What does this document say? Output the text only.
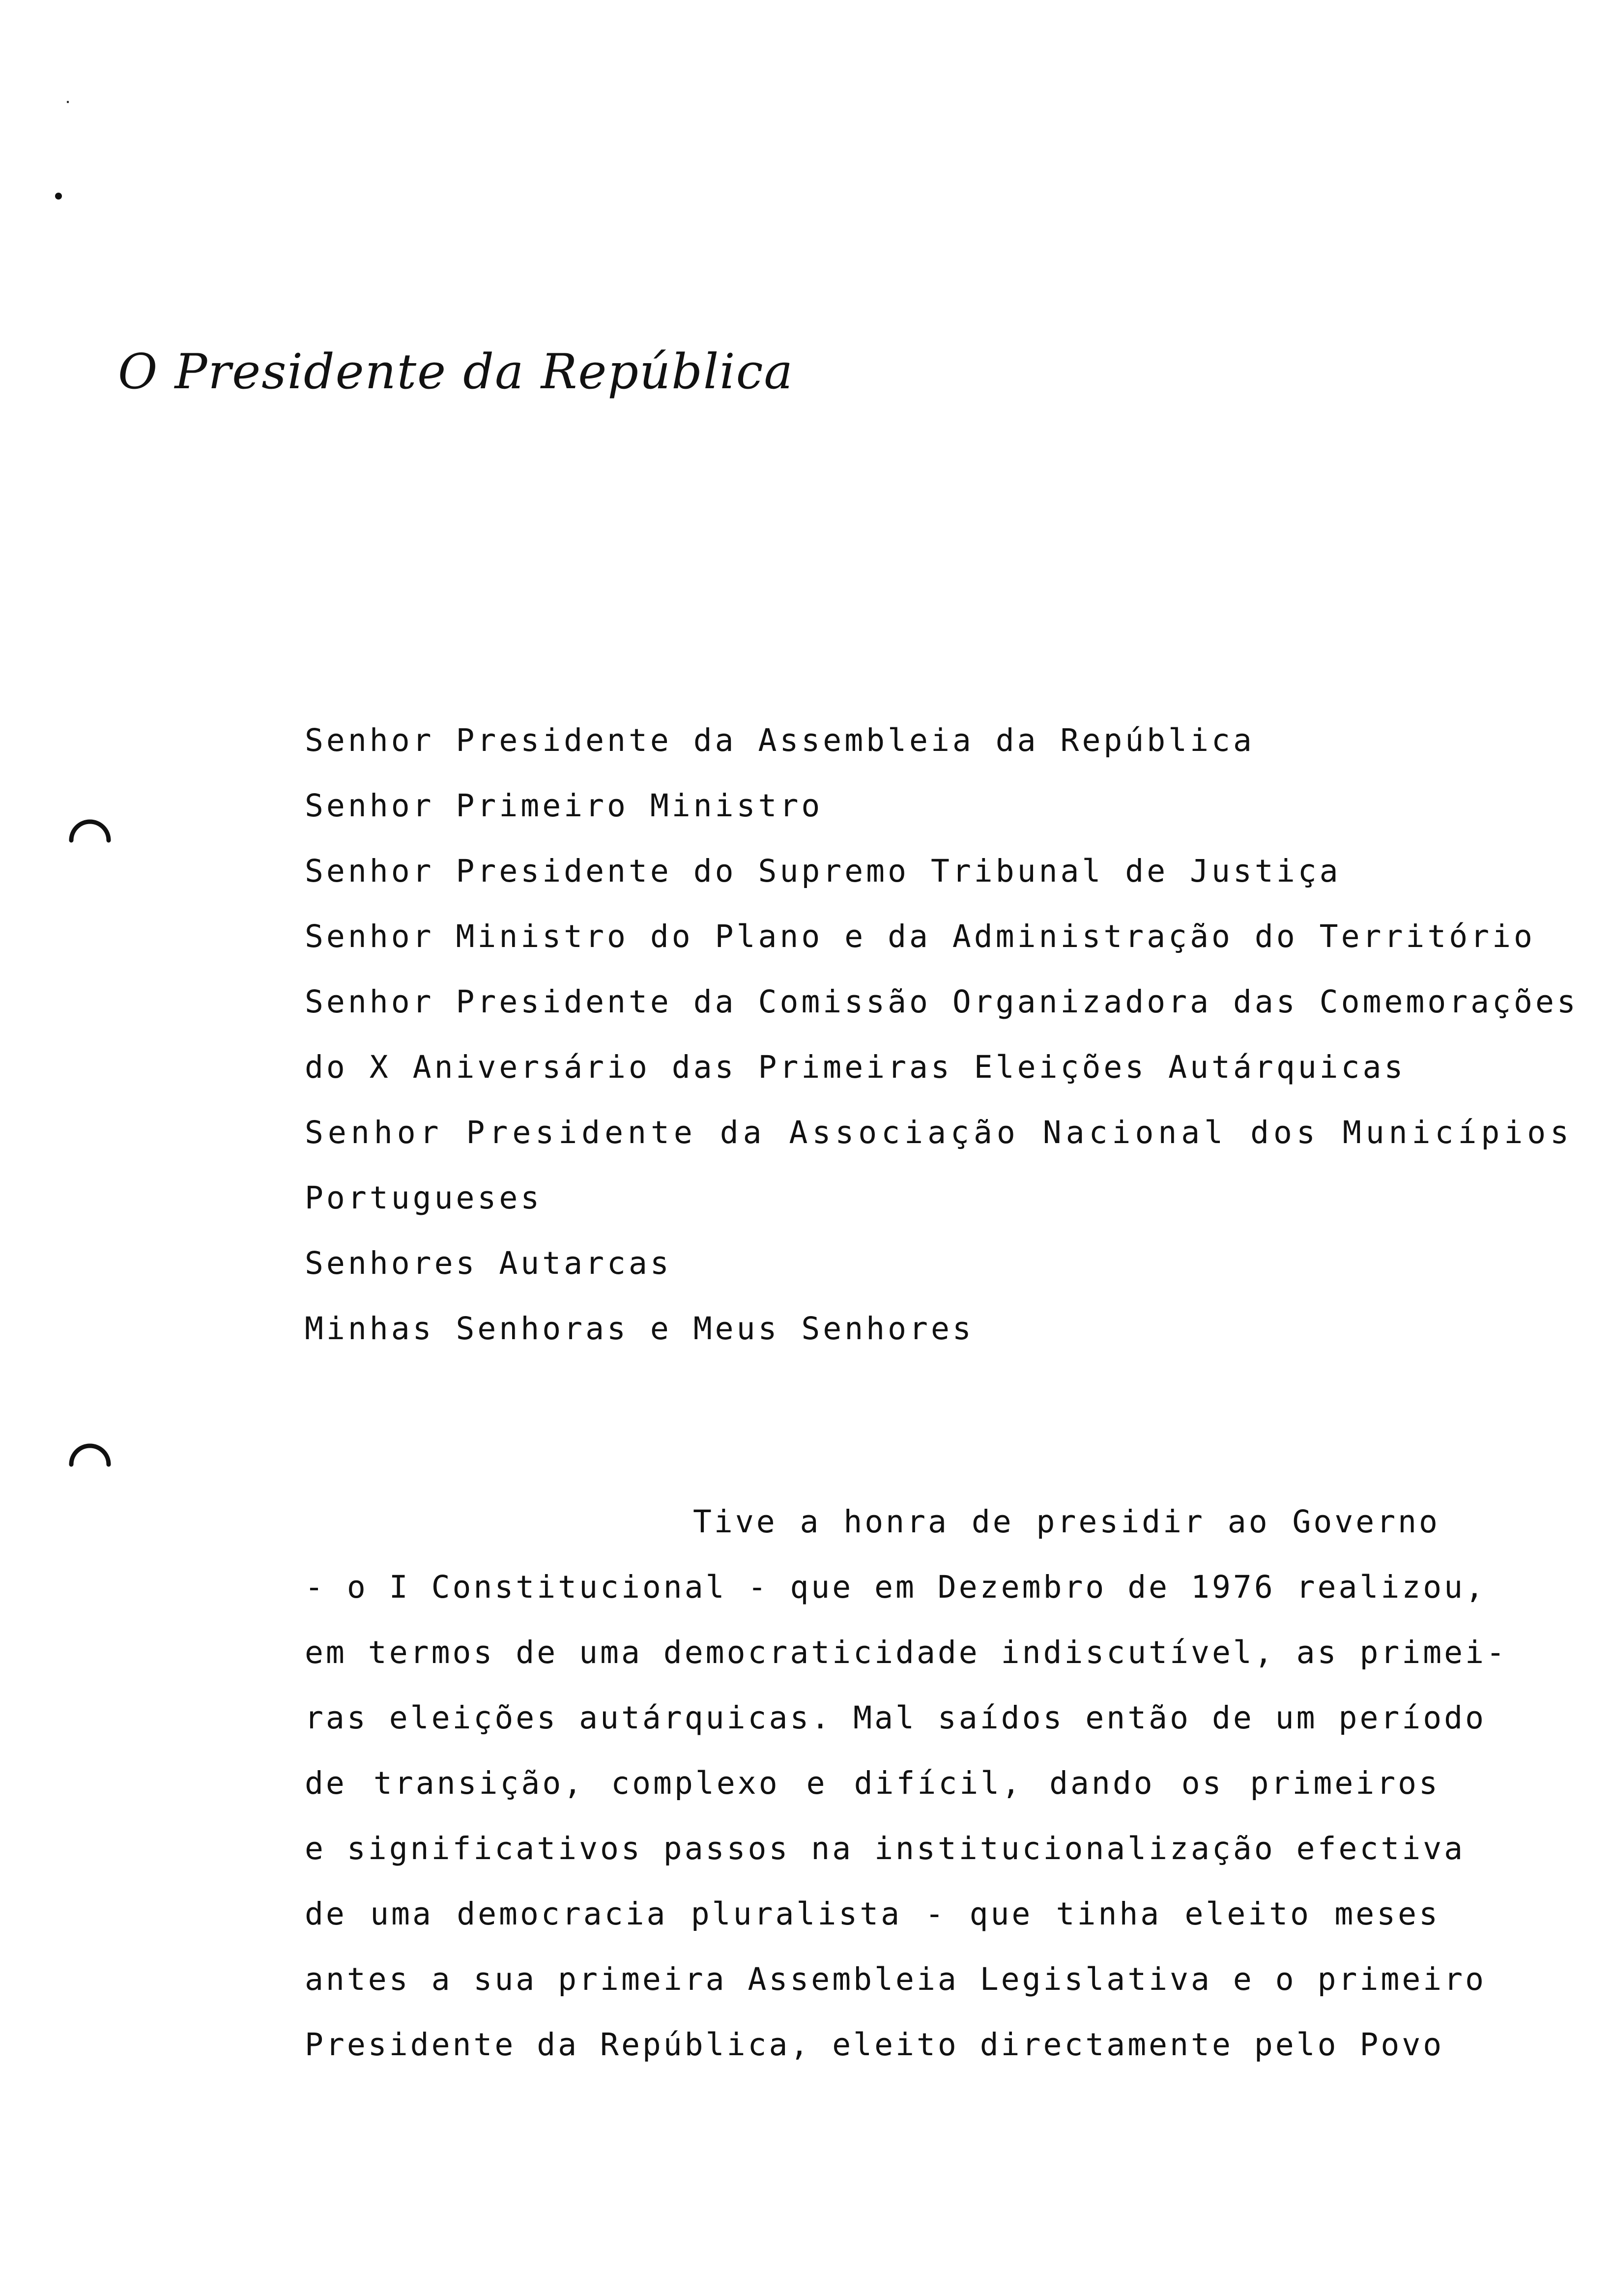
˙
O Presidente da República
Senhor Presidente da Assembleia da República
Senhor Primeiro Ministro
Senhor Presidente do Supremo Tribunal de Justiça
Senhor Ministro do Plano e da Administração do Território
Senhor Presidente da Comissão Organizadora das Comemorações
do X Aniversário das Primeiras Eleições Autárquicas
Senhor Presidente da Associação Nacional dos Municípios
Portugueses
Senhores Autarcas
Minhas Senhoras e Meus Senhores
Tive a honra de presidir ao Governo
- o I Constitucional - que em Dezembro de 1976 realizou,
em termos de uma democraticidade indiscutível, as primei-
ras eleições autárquicas. Mal saídos então de um período
de transição, complexo e difícil, dando os primeiros
e significativos passos na institucionalização efectiva
de uma democracia pluralista - que tinha eleito meses
antes a sua primeira Assembleia Legislativa e o primeiro
Presidente da República, eleito directamente pelo Povo
